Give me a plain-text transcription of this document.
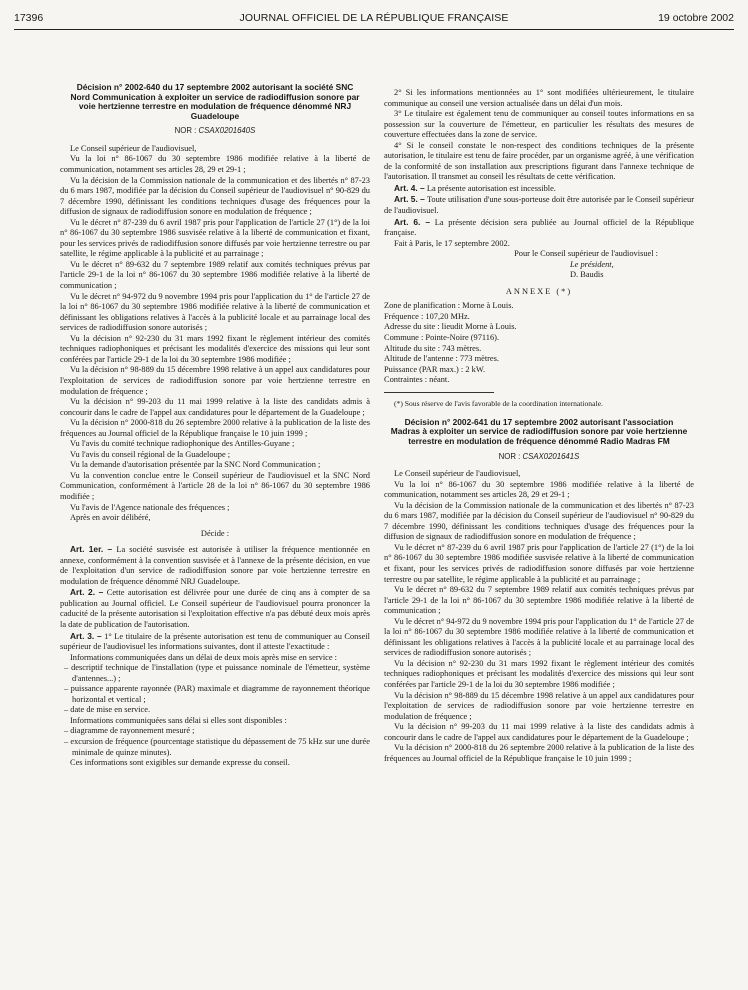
17396	JOURNAL OFFICIEL DE LA RÉPUBLIQUE FRANÇAISE	19 octobre 2002
Décision n° 2002-640 du 17 septembre 2002 autorisant la société SNC Nord Communication à exploiter un service de radiodiffusion sonore par voie hertzienne terrestre en modulation de fréquence dénommé NRJ Guadeloupe
NOR : CSAX0201640S
Le Conseil supérieur de l'audiovisuel,
Vu la loi n° 86-1067 du 30 septembre 1986 modifiée relative à la liberté de communication, notamment ses articles 28, 29 et 29-1 ;
Vu la décision de la Commission nationale de la communication et des libertés n° 87-23 du 6 mars 1987, modifiée par la décision du Conseil supérieur de l'audiovisuel n° 90-829 du 7 décembre 1990, définissant les conditions techniques d'usage des fréquences pour la diffusion de signaux de radiodiffusion sonore en modulation de fréquence ;
Vu le décret n° 87-239 du 6 avril 1987 pris pour l'application de l'article 27 (1°) de la loi n° 86-1067 du 30 septembre 1986 susvisée relative à la liberté de communication et fixant, pour les services privés de radiodiffusion sonore diffusés par voie hertzienne terrestre ou par satellite, le régime applicable à la publicité et au parrainage ;
Vu le décret n° 89-632 du 7 septembre 1989 relatif aux comités techniques prévus par l'article 29-1 de la loi n° 86-1067 du 30 septembre 1986 modifiée relative à la liberté de communication ;
Vu le décret n° 94-972 du 9 novembre 1994 pris pour l'application du 1° de l'article 27 de la loi n° 86-1067 du 30 septembre 1986 modifiée relative à la liberté de communication et définissant les obligations relatives à l'accès à la publicité locale et au parrainage local des services de radiodiffusion sonore autorisés ;
Vu la décision n° 92-230 du 31 mars 1992 fixant le règlement intérieur des comités techniques radiophoniques et précisant les modalités d'exercice des missions qui leur sont conférées par l'article 29-1 de la loi du 30 septembre 1986 modifiée ;
Vu la décision n° 98-889 du 15 décembre 1998 relative à un appel aux candidatures pour l'exploitation de services de radiodiffusion sonore par voie hertzienne terrestre en modulation de fréquence ;
Vu la décision n° 99-203 du 11 mai 1999 relative à la liste des candidats admis à concourir dans le cadre de l'appel aux candidatures pour le département de la Guadeloupe ;
Vu la décision n° 2000-818 du 26 septembre 2000 relative à la publication de la liste des fréquences au Journal officiel de la République française le 10 juin 1999 ;
Vu l'avis du comité technique radiophonique des Antilles-Guyane ;
Vu l'avis du conseil régional de la Guadeloupe ;
Vu la demande d'autorisation présentée par la SNC Nord Communication ;
Vu la convention conclue entre le Conseil supérieur de l'audiovisuel et la SNC Nord Communication, conformément à l'article 28 de la loi n° 86-1067 du 30 septembre 1986 modifiée ;
Vu l'avis de l'Agence nationale des fréquences ;
Après en avoir délibéré,
Décide :
Art. 1er. – La société susvisée est autorisée à utiliser la fréquence mentionnée en annexe, conformément à la convention susvisée et à l'annexe de la présente décision, en vue de l'exploitation d'un service de radiodiffusion sonore par voie hertzienne terrestre en modulation de fréquence dénommé NRJ Guadeloupe.
Art. 2. – Cette autorisation est délivrée pour une durée de cinq ans à compter de sa publication au Journal officiel. Le Conseil supérieur de l'audiovisuel pourra prononcer la caducité de la présente autorisation si l'exploitation effective n'a pas débuté deux mois après la date de publication de l'autorisation.
Art. 3. – 1° Le titulaire de la présente autorisation est tenu de communiquer au Conseil supérieur de l'audiovisuel les informations suivantes, dont il atteste l'exactitude :
Informations communiquées dans un délai de deux mois après mise en service :
– descriptif technique de l'installation (type et puissance nominale de l'émetteur, système d'antennes...) ;
– puissance apparente rayonnée (PAR) maximale et diagramme de rayonnement théorique horizontal et vertical ;
– date de mise en service.
Informations communiquées sans délai si elles sont disponibles :
– diagramme de rayonnement mesuré ;
– excursion de fréquence (pourcentage statistique du dépassement de 75 kHz sur une durée minimale de quinze minutes).
Ces informations sont exigibles sur demande expresse du conseil.
2° Si les informations mentionnées au 1° sont modifiées ultérieurement, le titulaire communique au conseil une version actualisée dans un délai d'un mois.
3° Le titulaire est également tenu de communiquer au conseil toutes informations en sa possession sur la couverture de l'émetteur, en particulier les résultats des mesures de couverture effectuées dans la zone de service.
4° Si le conseil constate le non-respect des conditions techniques de la présente autorisation, le titulaire est tenu de faire procéder, par un organisme agréé, à une vérification de la conformité de son installation aux prescriptions figurant dans l'annexe technique de l'autorisation. Il transmet au conseil les résultats de cette vérification.
Art. 4. – La présente autorisation est incessible.
Art. 5. – Toute utilisation d'une sous-porteuse doit être autorisée par le Conseil supérieur de l'audiovisuel.
Art. 6. – La présente décision sera publiée au Journal officiel de la République française.
Fait à Paris, le 17 septembre 2002.
Pour le Conseil supérieur de l'audiovisuel :
Le président,
D. Baudis
ANNEXE (*)
Zone de planification : Morne à Louis.
Fréquence : 107,20 MHz.
Adresse du site : lieudit Morne à Louis.
Commune : Pointe-Noire (97116).
Altitude du site : 743 mètres.
Altitude de l'antenne : 773 mètres.
Puissance (PAR max.) : 2 kW.
Contraintes : néant.
(*) Sous réserve de l'avis favorable de la coordination internationale.
Décision n° 2002-641 du 17 septembre 2002 autorisant l'association Madras à exploiter un service de radiodiffusion sonore par voie hertzienne terrestre en modulation de fréquence dénommé Radio Madras FM
NOR : CSAX0201641S
Le Conseil supérieur de l'audiovisuel,
Vu la loi n° 86-1067 du 30 septembre 1986 modifiée relative à la liberté de communication, notamment ses articles 28, 29 et 29-1 ;
Vu la décision de la Commission nationale de la communication et des libertés n° 87-23 du 6 mars 1987, modifiée par la décision du Conseil supérieur de l'audiovisuel n° 90-829 du 7 décembre 1990, définissant les conditions techniques d'usage des fréquences pour la diffusion de signaux de radiodiffusion sonore en modulation de fréquence ;
Vu le décret n° 87-239 du 6 avril 1987 pris pour l'application de l'article 27 (1°) de la loi n° 86-1067 du 30 septembre 1986 modifiée susvisée relative à la liberté de communication et fixant, pour les services privés de radiodiffusion sonore diffusés par voie hertzienne terrestre ou par satellite, le régime applicable à la publicité et au parrainage ;
Vu le décret n° 89-632 du 7 septembre 1989 relatif aux comités techniques prévus par l'article 29-1 de la loi n° 86-1067 du 30 septembre 1986 modifiée relative à la liberté de communication ;
Vu le décret n° 94-972 du 9 novembre 1994 pris pour l'application du 1° de l'article 27 de la loi n° 86-1067 du 30 septembre 1986 modifiée relative à la liberté de communication et définissant les obligations relatives à l'accès à la publicité locale et au parrainage local des services de radiodiffusion sonore autorisés ;
Vu la décision n° 92-230 du 31 mars 1992 fixant le règlement intérieur des comités techniques radiophoniques et précisant les modalités d'exercice des missions qui leur sont conférées par l'article 29-1 de la loi du 30 septembre 1986 modifiée ;
Vu la décision n° 98-889 du 15 décembre 1998 relative à un appel aux candidatures pour l'exploitation de services de radiodiffusion sonore par voie hertzienne terrestre en modulation de fréquence ;
Vu la décision n° 99-203 du 11 mai 1999 relative à la liste des candidats admis à concourir dans le cadre de l'appel aux candidatures pour le département de la Guadeloupe ;
Vu la décision n° 2000-818 du 26 septembre 2000 relative à la publication de la liste des fréquences au Journal officiel de la République française le 10 juin 1999 ;
